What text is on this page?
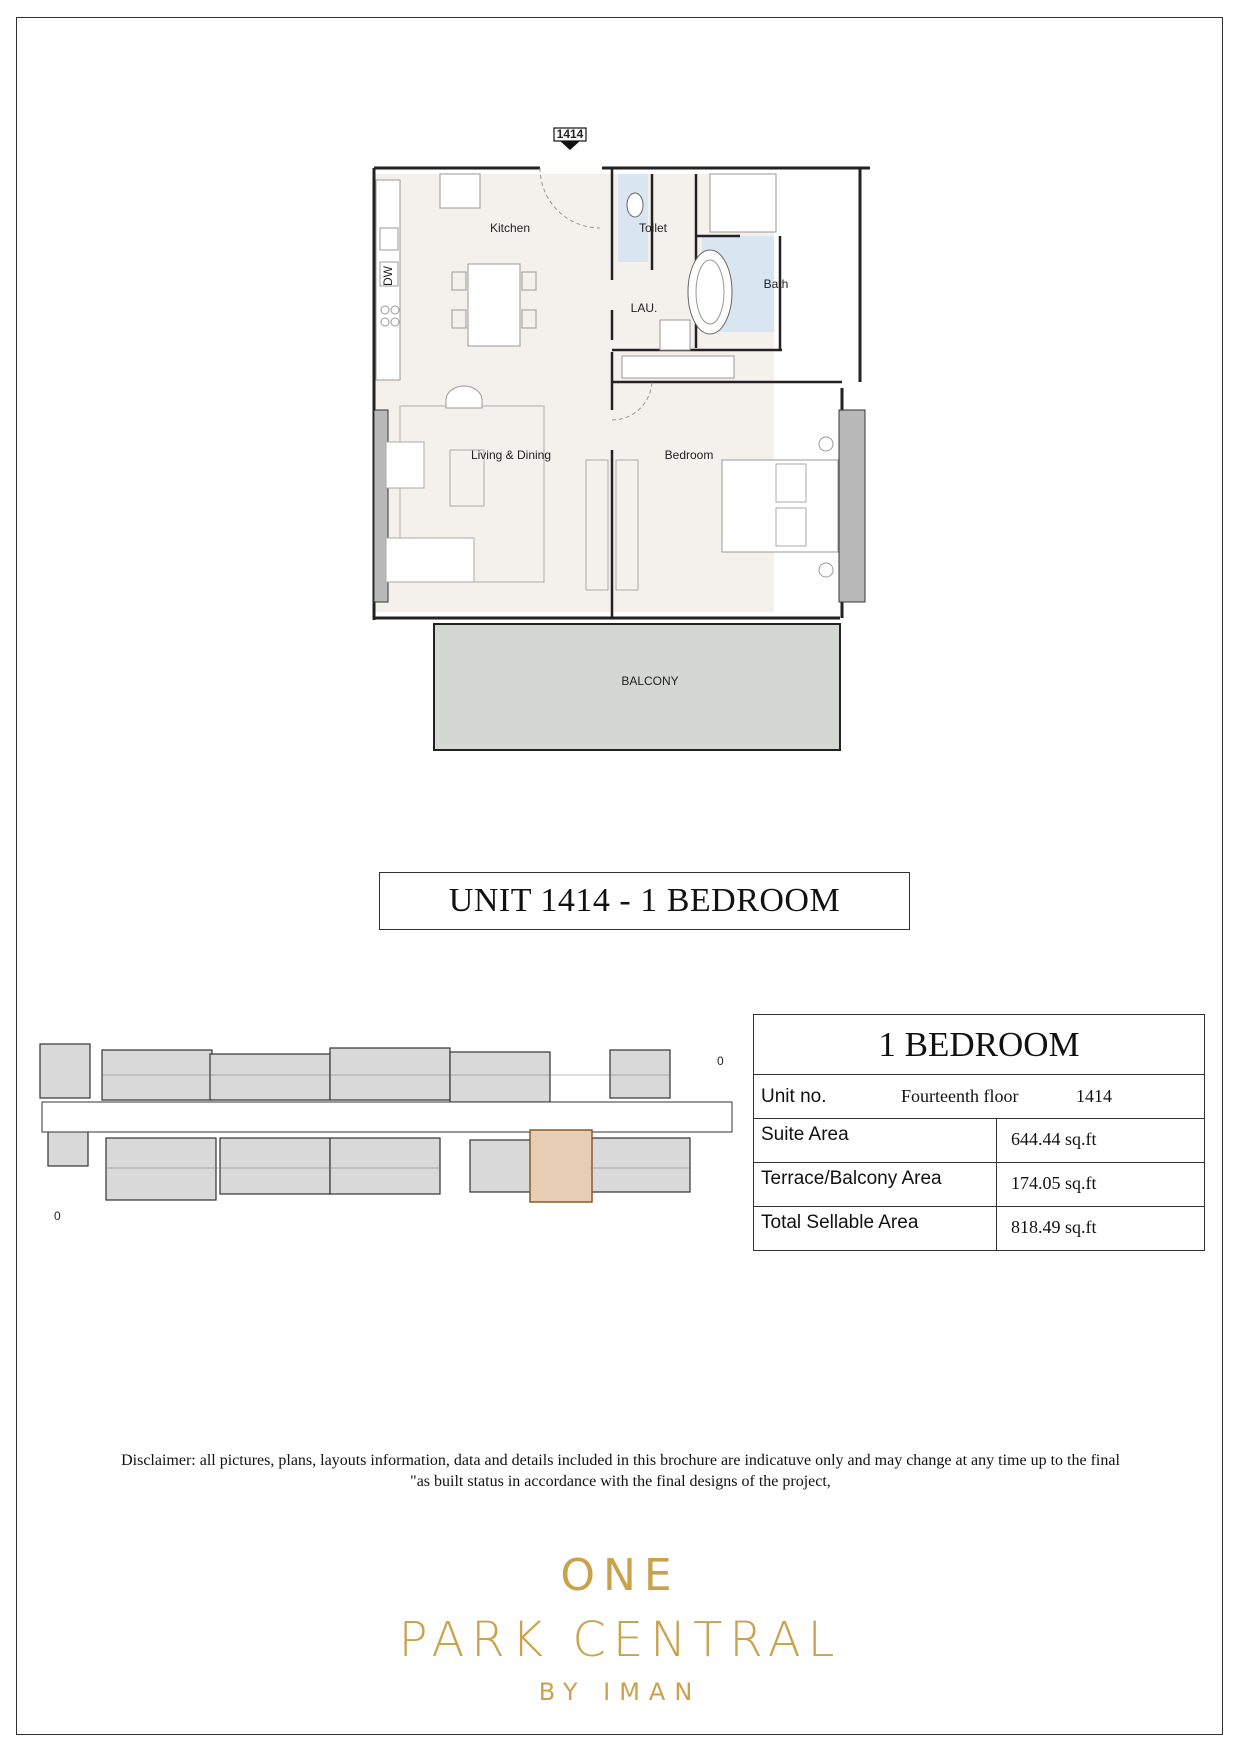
1414
DW
Kitchen	Toilet
Bath
LAU.
Living & Dining	Bedroom
BALCONY
UNIT 1414 - 1 BEDROOM
0
0
1 BEDROOM
Unit no.	Fourteenth floor	1414
Suite Area	644.44 sq.ft
Terrace/Balcony Area	174.05 sq.ft
Total Sellable Area	818.49 sq.ft
Disclaimer: all pictures, plans, layouts information, data and details included in this brochure are indicatuve only and may change at any time up to the final
"as built status in accordance with the final designs of the project,
ONE
PARK CENTRAL
BY IMAN
